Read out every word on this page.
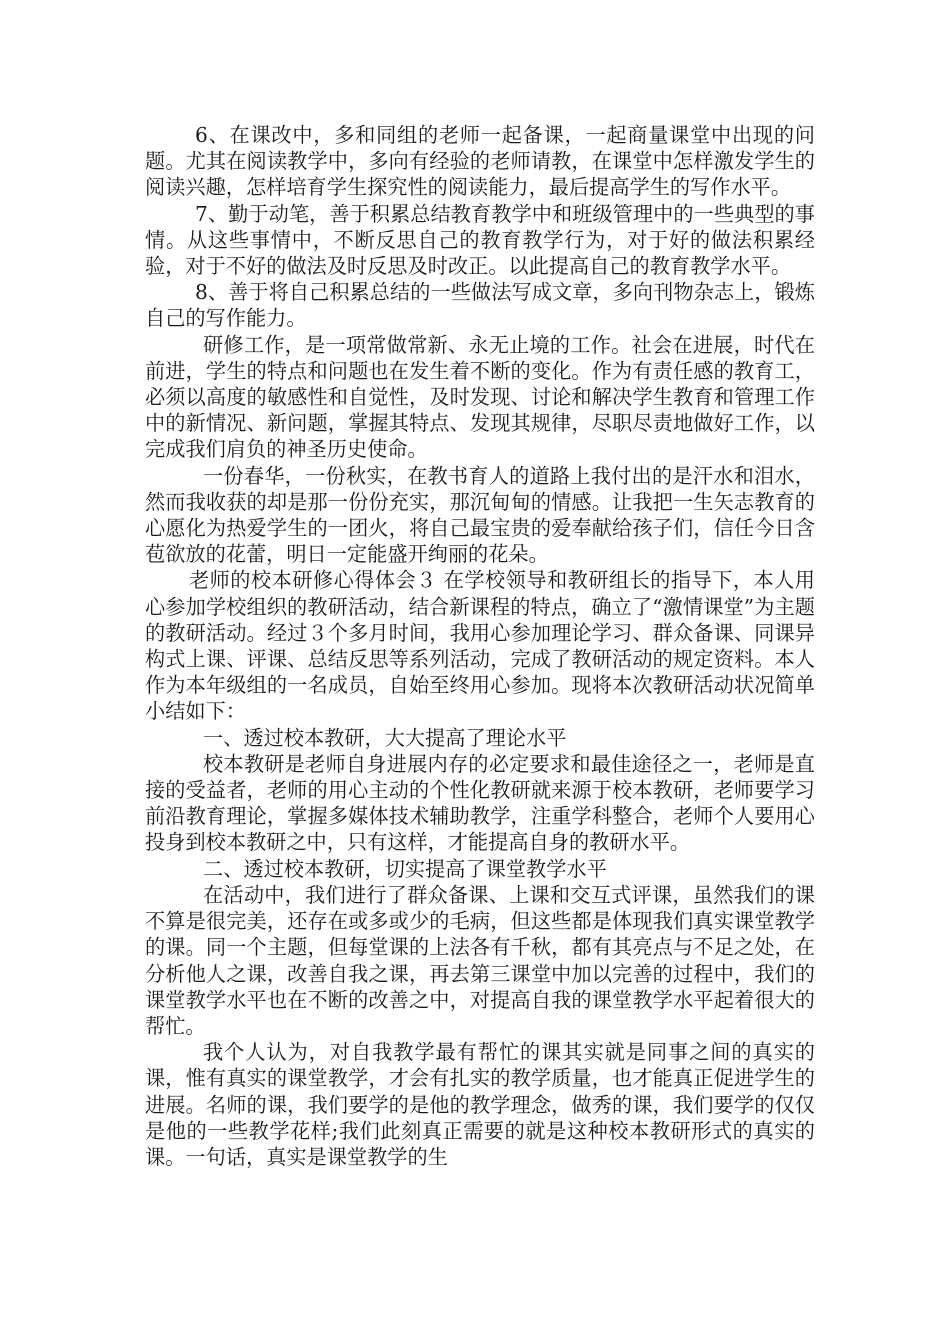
6、在课改中，多和同组的老师一起备课，一起商量课堂中出现的问题。尤其在阅读教学中，多向有经验的老师请教，在课堂中怎样激发学生的阅读兴趣，怎样培育学生探究性的阅读能力，最后提高学生的写作水平。

7、勤于动笔，善于积累总结教育教学中和班级管理中的一些典型的事情。从这些事情中，不断反思自己的教育教学行为，对于好的做法积累经验，对于不好的做法及时反思及时改正。以此提高自己的教育教学水平。

8、善于将自己积累总结的一些做法写成文章，多向刊物杂志上，锻炼自己的写作能力。

研修工作，是一项常做常新、永无止境的工作。社会在进展，时代在前进，学生的特点和问题也在发生着不断的变化。作为有责任感的教育工，必须以高度的敏感性和自觉性，及时发现、讨论和解决学生教育和管理工作中的新情况、新问题，掌握其特点、发现其规律，尽职尽责地做好工作，以完成我们肩负的神圣历史使命。

一份春华，一份秋实，在教书育人的道路上我付出的是汗水和泪水，然而我收获的却是那一份份充实，那沉甸甸的情感。让我把一生矢志教育的心愿化为热爱学生的一团火，将自己最宝贵的爱奉献给孩子们，信任今日含苞欲放的花蕾，明日一定能盛开绚丽的花朵。

老师的校本研修心得体会３ 在学校领导和教研组长的指导下，本人用心参加学校组织的教研活动，结合新课程的特点，确立了“激情课堂”为主题的教研活动。经过３个多月时间，我用心参加理论学习、群众备课、同课异构式上课、评课、总结反思等系列活动，完成了教研活动的规定资料。本人作为本年级组的一名成员，自始至终用心参加。现将本次教研活动状况简单小结如下：

一、透过校本教研，大大提高了理论水平

校本教研是老师自身进展内存的必定要求和最佳途径之一，老师是直接的受益者，老师的用心主动的个性化教研就来源于校本教研，老师要学习前沿教育理论，掌握多媒体技术辅助教学，注重学科整合，老师个人要用心投身到校本教研之中，只有这样，才能提高自身的教研水平。

二、透过校本教研，切实提高了课堂教学水平

在活动中，我们进行了群众备课、上课和交互式评课，虽然我们的课不算是很完美，还存在或多或少的毛病，但这些都是体现我们真实课堂教学的课。同一个主题，但每堂课的上法各有千秋，都有其亮点与不足之处，在分析他人之课，改善自我之课，再去第三课堂中加以完善的过程中，我们的课堂教学水平也在不断的改善之中，对提高自我的课堂教学水平起着很大的帮忙。

我个人认为，对自我教学最有帮忙的课其实就是同事之间的真实的课，惟有真实的课堂教学，才会有扎实的教学质量，也才能真正促进学生的进展。名师的课，我们要学的是他的教学理念，做秀的课，我们要学的仅仅是他的一些教学花样;我们此刻真正需要的就是这种校本教研形式的真实的课。一句话，真实是课堂教学的生
